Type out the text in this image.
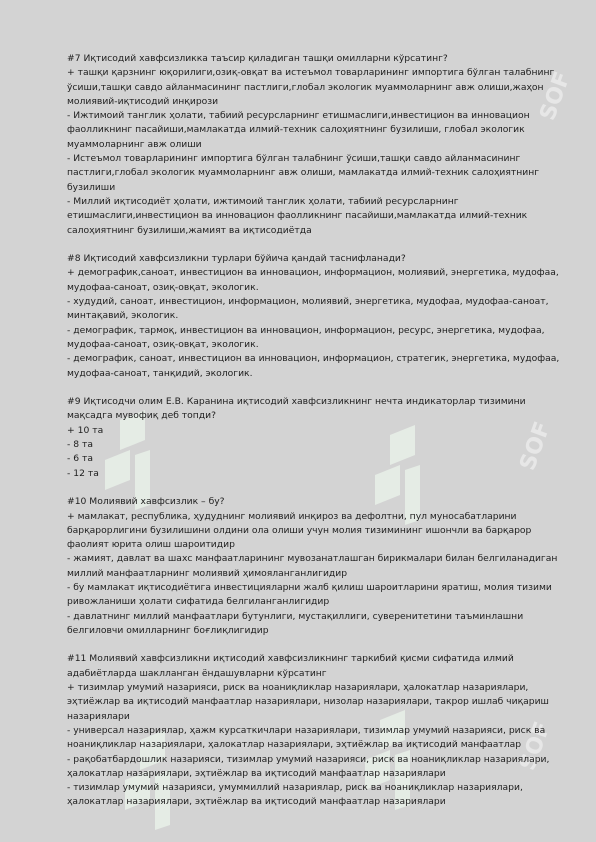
SOF
SOF
SOF

#7 Иқтисодий хавфсизликка таъсир қиладиган ташқи омилларни кўрсатинг?

+ ташқи қарзнинг юқорилиги,озиқ-овқат ва истеъмол товарларининг импортига бўлган талабнинг ўсиши,ташқи савдо айланмасининг пастлиги,глобал экологик муаммоларнинг авж олиши,жаҳон молиявий-иқтисодий инқирози

- Ижтимоий танглик ҳолати, табиий ресурсларнинг етишмаслиги,инвестицион ва инновацион фаолликнинг пасайиши,мамлакатда илмий-техник салоҳиятнинг бузилиши, глобал экологик муаммоларнинг авж олиши

- Истеъмол товарларининг импортига бўлган талабнинг ўсиши,ташқи савдо айланмасининг пастлиги,глобал экологик муаммоларнинг авж олиши, мамлакатда илмий-техник салоҳиятнинг бузилиши

- Миллий иқтисодиёт ҳолати, ижтимоий танглик ҳолати, табиий ресурсларнинг етишмаслиги,инвестицион ва инновацион фаолликнинг пасайиши,мамлакатда илмий-техник салоҳиятнинг бузилиши,жамият ва иқтисодиётда

#8 Иқтисодий хавфсизликни турлари бўйича қандай таснифланади?

+ демографик,саноат, инвестицион ва инновацион, информацион, молиявий, энергетика, мудофаа, мудофаа-саноат, озиқ-овқат, экологик.

- худудий, саноат, инвестицион, информацион, молиявий, энергетика, мудофаа, мудофаа-саноат, минтақавий, экологик.

- демографик, тармоқ, инвестицион ва инновацион, информацион, ресурс, энергетика, мудофаа, мудофаа-саноат, озиқ-овқат, экологик.

- демографик, саноат, инвестицион ва инновацион, информацион, стратегик, энергетика, мудофаа, мудофаа-саноат, танқидий, экологик.

#9 Иқтисодчи олим Е.В. Каранина иқтисодий хавфсизликнинг нечта индикаторлар тизимини мақсадга мувофиқ деб топди?

+ 10 та

- 8 та

- 6 та

- 12 та

#10 Молиявий хавфсизлик – бу?

+ мамлакат, республика, ҳудуднинг молиявий инқироз ва дефолтни, пул муносабатларини барқарорлигини бузилишини олдини ола олиши учун молия тизимининг ишончли ва барқарор фаолият юрита олиш шароитидир

- жамият, давлат ва шахс манфаатларининг мувозанатлашган бирикмалари билан белгиланадиган миллий манфаатларнинг молиявий ҳимояланганлигидир

- бу мамлакат иқтисодиётига инвестицияларни жалб қилиш шароитларини яратиш, молия тизими ривожланиши ҳолати сифатида белгиланганлигидир

- давлатнинг миллий манфаатлари бутунлиги, мустақиллиги, суверенитетини таъминлашни белгиловчи омилларнинг боғлиқлигидир

#11 Молиявий хавфсизликни иқтисодий хавфсизликнинг таркибий қисми сифатида илмий адабиётларда шаклланган ёндашувларни кўрсатинг

+ тизимлар умумий назарияси, риск ва ноаниқликлар назариялари, ҳалокатлар назариялари, эҳтиёжлар ва иқтисодий манфаатлар назариялари, низолар назариялари, такрор ишлаб чиқариш назариялари

- универсал назариялар, ҳажм курсаткичлари назариялари, тизимлар умумий назарияси, риск ва ноаниқликлар назариялари, ҳалокатлар назариялари, эҳтиёжлар ва иқтисодий манфаатлар

- рақобатбардошлик назарияси, тизимлар умумий назарияси, риск ва ноаниқликлар назариялари, ҳалокатлар назариялари, эҳтиёжлар ва иқтисодий манфаатлар назариялари

- тизимлар умумий назарияси, умуммиллий назариялар, риск ва ноаниқликлар назариялари, ҳалокатлар назариялари, эҳтиёжлар ва иқтисодий манфаатлар назариялари
